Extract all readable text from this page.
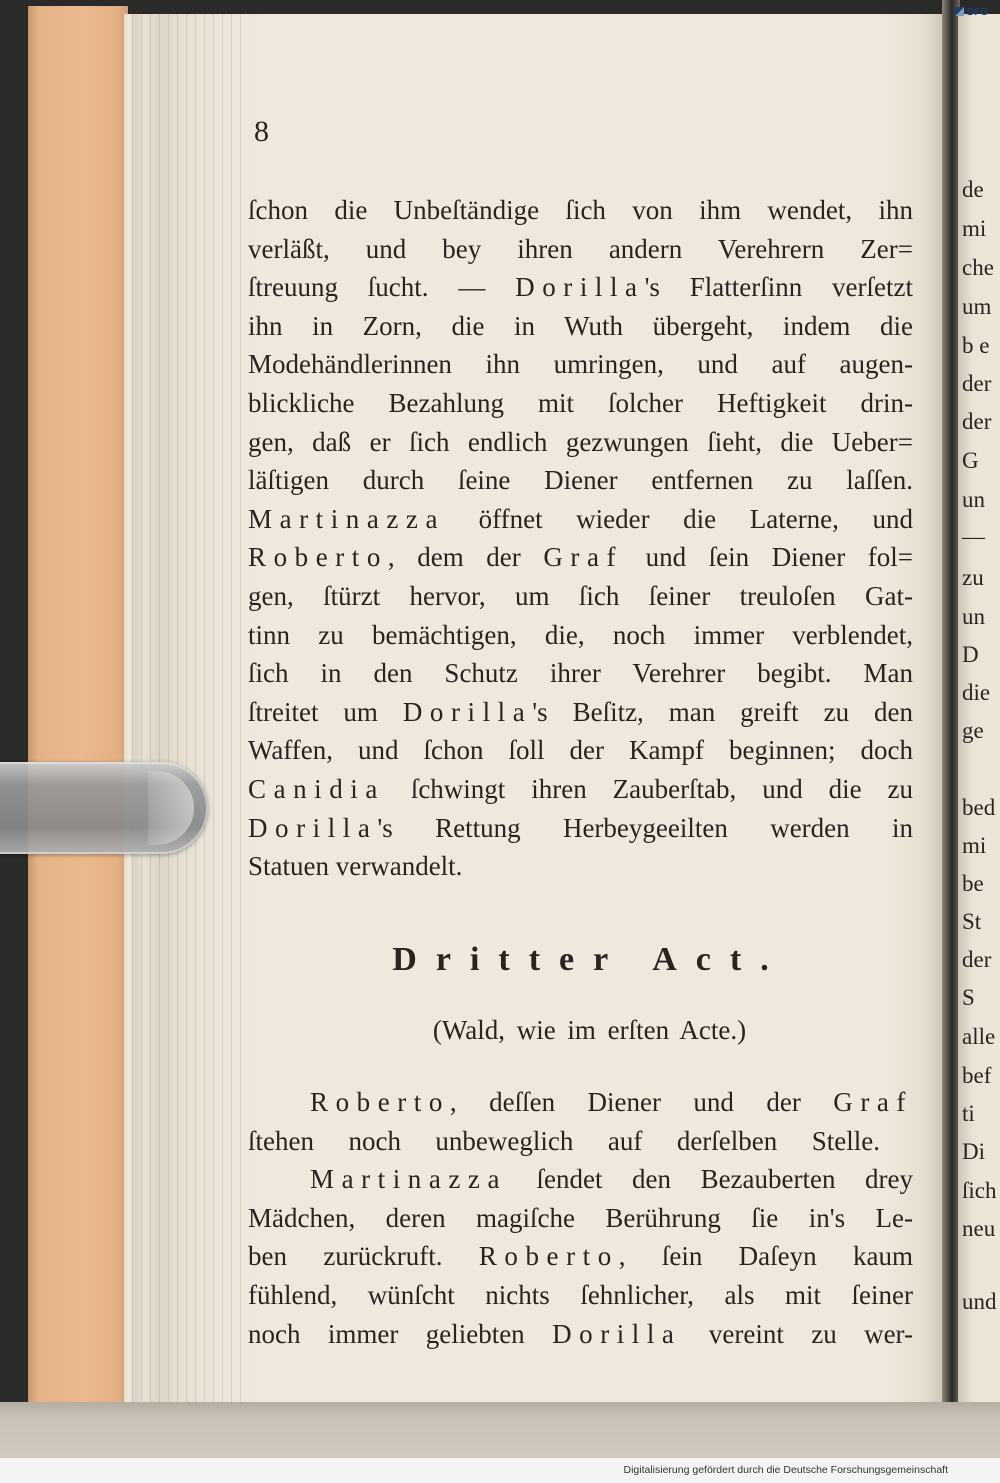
de
mi
che
um
be
der
der
G
un
—
zu
un
D
die
ge
bed
mi
be
St
der
S
alle
bef
ti
Di
ſich
neu
und
8
ſchon die Unbeſtändige ſich von ihm wendet, ihn
verläßt, und bey ihren andern Verehrern Zer=
ſtreuung ſucht. — Dorilla's Flatterſinn verſetzt
ihn in Zorn, die in Wuth übergeht, indem die
Modehändlerinnen ihn umringen, und auf augen-
blickliche Bezahlung mit ſolcher Heftigkeit drin-
gen, daß er ſich endlich gezwungen ſieht, die Ueber=
läſtigen durch ſeine Diener entfernen zu laſſen.
Martinazza öffnet wieder die Laterne, und
Roberto, dem der Graf und ſein Diener fol=
gen, ſtürzt hervor, um ſich ſeiner treuloſen Gat-
tinn zu bemächtigen, die, noch immer verblendet,
ſich in den Schutz ihrer Verehrer begibt. Man
ſtreitet um Dorilla's Beſitz, man greift zu den
Waffen, und ſchon ſoll der Kampf beginnen; doch
Canidia ſchwingt ihren Zauberſtab, und die zu
Dorilla's Rettung Herbeygeeilten werden in
Statuen verwandelt.
Dritter Act.
(Wald, wie im erſten Acte.)
Roberto, deſſen Diener und der Graf
ſtehen noch unbeweglich auf derſelben Stelle.
Martinazza ſendet den Bezauberten drey
Mädchen, deren magiſche Berührung ſie in's Le-
ben zurückruft. Roberto, ſein Daſeyn kaum
fühlend, wünſcht nichts ſehnlicher, als mit ſeiner
noch immer geliebten Dorilla vereint zu wer-
Digitalisierung gefördert durch die Deutsche Forschungsgemeinschaft
DFG
